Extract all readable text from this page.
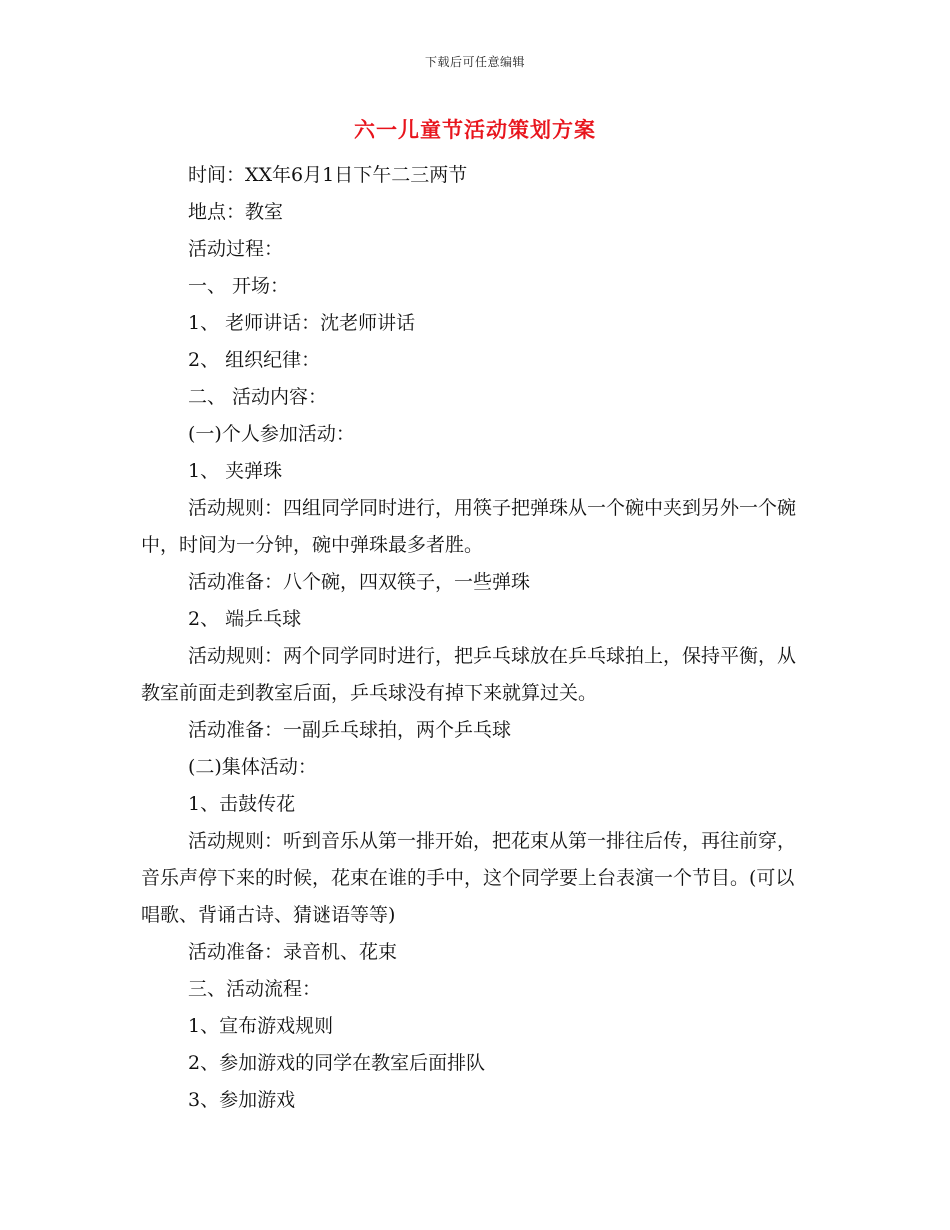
下载后可任意编辑
六一儿童节活动策划方案

时间：XX年6月1日下午二三两节

地点：教室

活动过程：

一、 开场：

1、 老师讲话：沈老师讲话

2、 组织纪律：

二、 活动内容：

(一)个人参加活动：

1、 夹弹珠

活动规则：四组同学同时进行，用筷子把弹珠从一个碗中夹到另外一个碗中，时间为一分钟，碗中弹珠最多者胜。

活动准备：八个碗，四双筷子，一些弹珠

2、 端乒乓球

活动规则：两个同学同时进行，把乒乓球放在乒乓球拍上，保持平衡，从教室前面走到教室后面，乒乓球没有掉下来就算过关。

活动准备：一副乒乓球拍，两个乒乓球

(二)集体活动：

1、击鼓传花

活动规则：听到音乐从第一排开始，把花束从第一排往后传，再往前穿，音乐声停下来的时候，花束在谁的手中，这个同学要上台表演一个节目。(可以唱歌、背诵古诗、猜谜语等等)

活动准备：录音机、花束

三、活动流程：

1、宣布游戏规则

2、参加游戏的同学在教室后面排队

3、参加游戏
